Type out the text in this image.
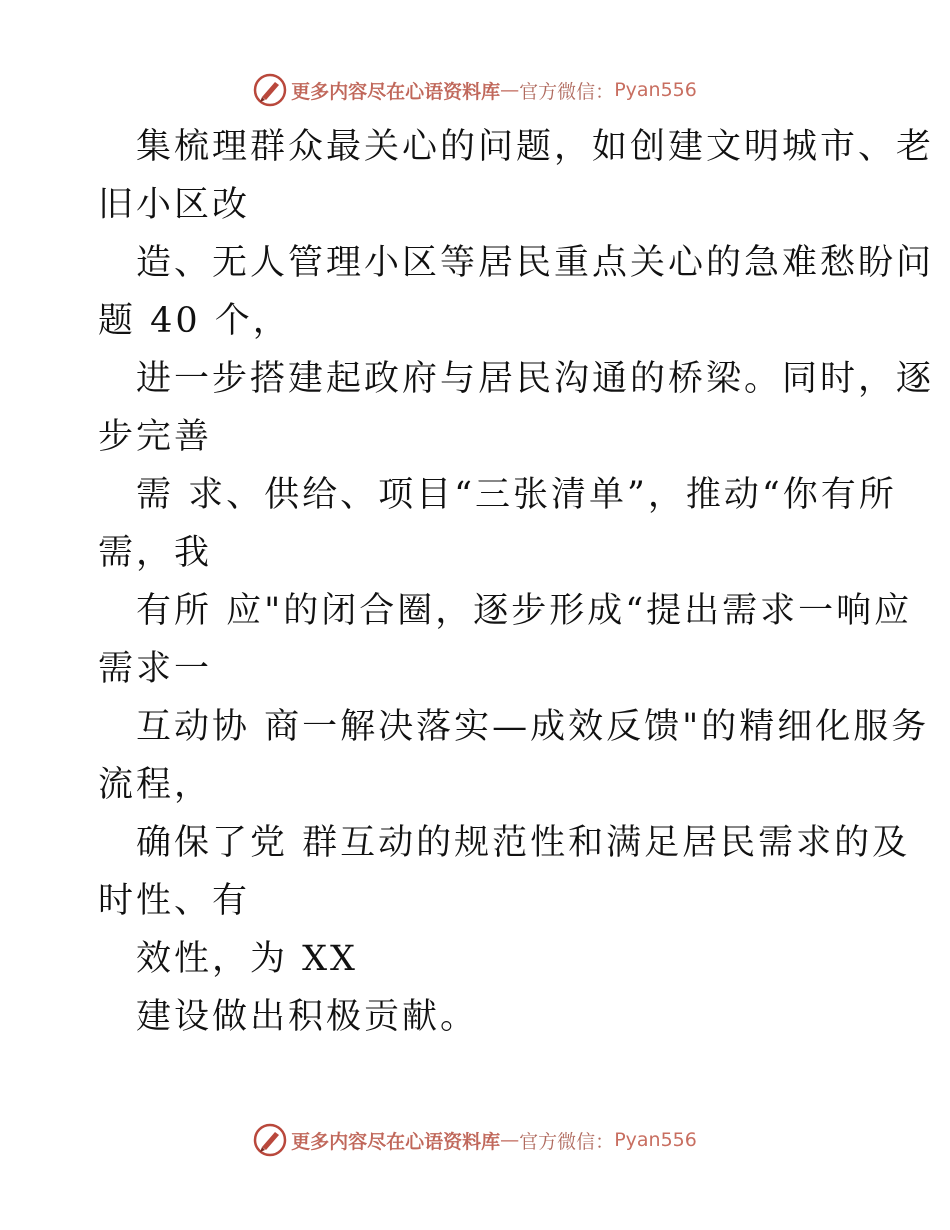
更多内容尽在心语资料库 — 官方微信： Pyan556
集梳理群众最关心的问题，如创建文明城市、老
旧小区改
造、无人管理小区等居民重点关心的急难愁盼问
题 40 个，
进一步搭建起政府与居民沟通的桥梁。同时，逐
步完善
需 求、供给、项目“三张清单”，推动“你有所
需，我
有所 应"的闭合圈，逐步形成“提出需求一响应
需求一
互动协 商一解决落实—成效反馈"的精细化服务
流程，
确保了党 群互动的规范性和满足居民需求的及
时性、有
效性，为 XX
建设做出积极贡献。
更多内容尽在心语资料库 — 官方微信： Pyan556
